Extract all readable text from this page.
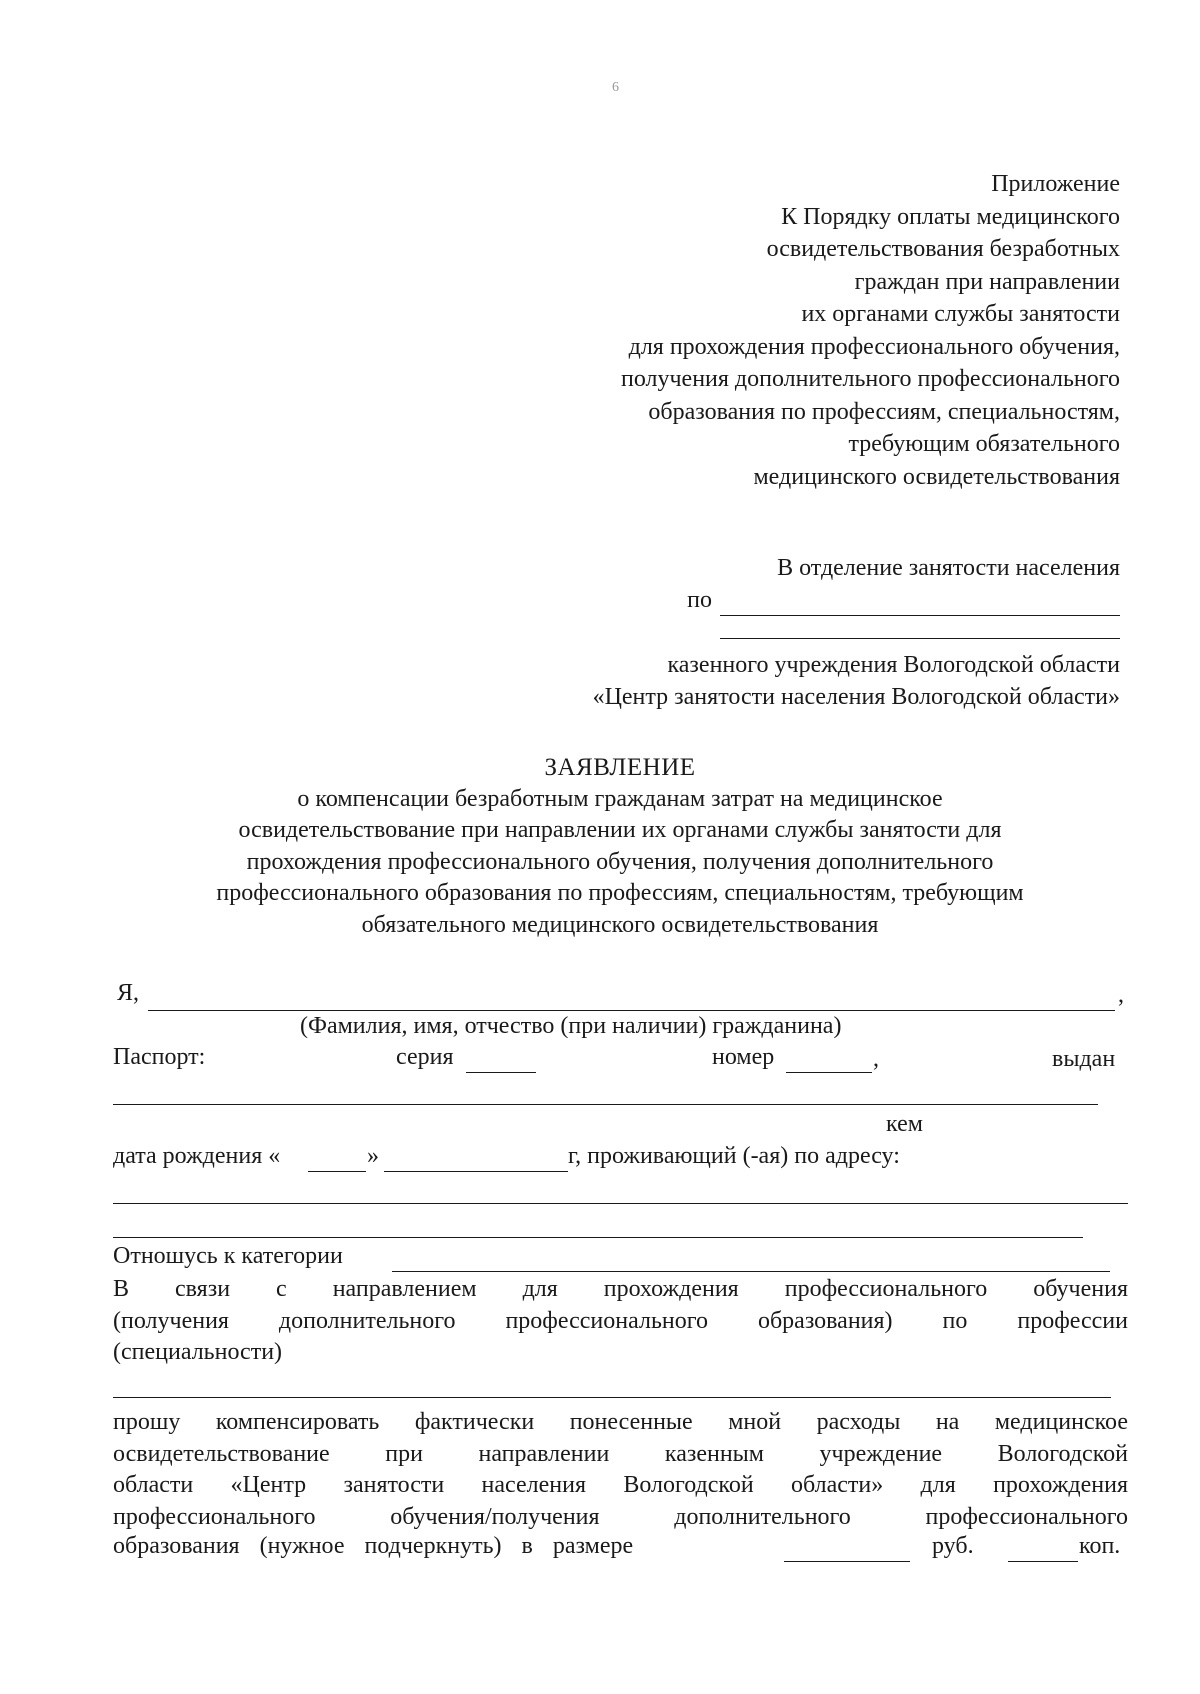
6
Приложение
К Порядку оплаты медицинского
освидетельствования безработных
граждан при направлении
их органами службы занятости
для прохождения профессионального обучения,
получения дополнительного профессионального
образования по профессиям, специальностям,
требующим обязательного
медицинского освидетельствования
В отделение занятости населения
по
казенного учреждения Вологодской области
«Центр занятости населения Вологодской области»
ЗАЯВЛЕНИЕ
о компенсации безработным гражданам затрат на медицинское
освидетельствование при направлении их органами службы занятости для
прохождения профессионального обучения, получения дополнительного
профессионального образования по профессиям, специальностям, требующим
обязательного медицинского освидетельствования
Я,	,
(Фамилия, имя, отчество (при наличии) гражданина)
Паспорт:	серия	номер	,	выдан
кем
дата рождения «	»	г, проживающий (-ая) по адресу:
Отношусь к категории
В связи с направлением для прохождения профессионального обучения
(получения дополнительного профессионального образования) по профессии
(специальности)
прошу компенсировать фактически понесенные мной расходы на медицинское
освидетельствование при направлении казенным учреждение Вологодской
области «Центр занятости населения Вологодской области» для прохождения
профессионального обучения/получения дополнительного профессионального
образования (нужное подчеркнуть) в размере	руб.	коп.
